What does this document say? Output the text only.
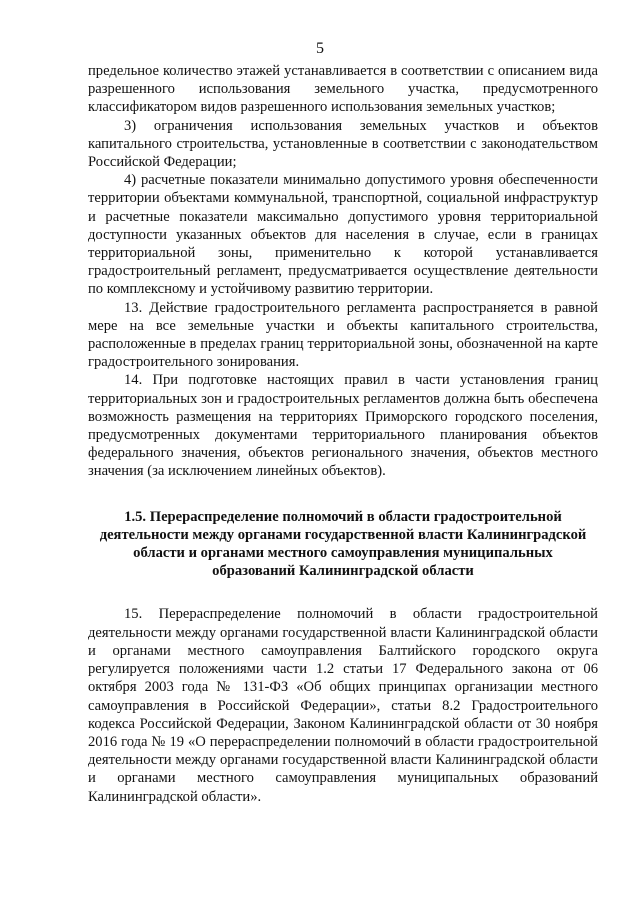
5

предельное количество этажей устанавливается в соответствии с описанием вида разрешенного использования земельного участка, предусмотренного классификатором видов разрешенного использования земельных участков;

3) ограничения использования земельных участков и объектов капитального строительства, установленные в соответствии с законодательством Российской Федерации;

4) расчетные показатели минимально допустимого уровня обеспеченности территории объектами коммунальной, транспортной, социальной инфраструктур и расчетные показатели максимально допустимого уровня территориальной доступности указанных объектов для населения в случае, если в границах территориальной зоны, применительно к которой устанавливается градостроительный регламент, предусматривается осуществление деятельности по комплексному и устойчивому развитию территории.

13. Действие градостроительного регламента распространяется в равной мере на все земельные участки и объекты капитального строительства, расположенные в пределах границ территориальной зоны, обозначенной на карте градостроительного зонирования.

14. При подготовке настоящих правил в части установления границ территориальных зон и градостроительных регламентов должна быть обеспечена возможность размещения на территориях Приморского городского поселения, предусмотренных документами территориального планирования объектов федерального значения, объектов регионального значения, объектов местного значения (за исключением линейных объектов).

1.5. Перераспределение полномочий в области градостроительной деятельности между органами государственной власти Калининградской области и органами местного самоуправления муниципальных образований Калининградской области

15. Перераспределение полномочий в области градостроительной деятельности между органами государственной власти Калининградской области и органами местного самоуправления Балтийского городского округа регулируется положениями части 1.2 статьи 17 Федерального закона от 06 октября 2003 года № 131-ФЗ «Об общих принципах организации местного самоуправления в Российской Федерации», статьи 8.2 Градостроительного кодекса Российской Федерации, Законом Калининградской области от 30 ноября 2016 года № 19 «О перераспределении полномочий в области градостроительной деятельности между органами государственной власти Калининградской области и органами местного самоуправления муниципальных образований Калининградской области».
